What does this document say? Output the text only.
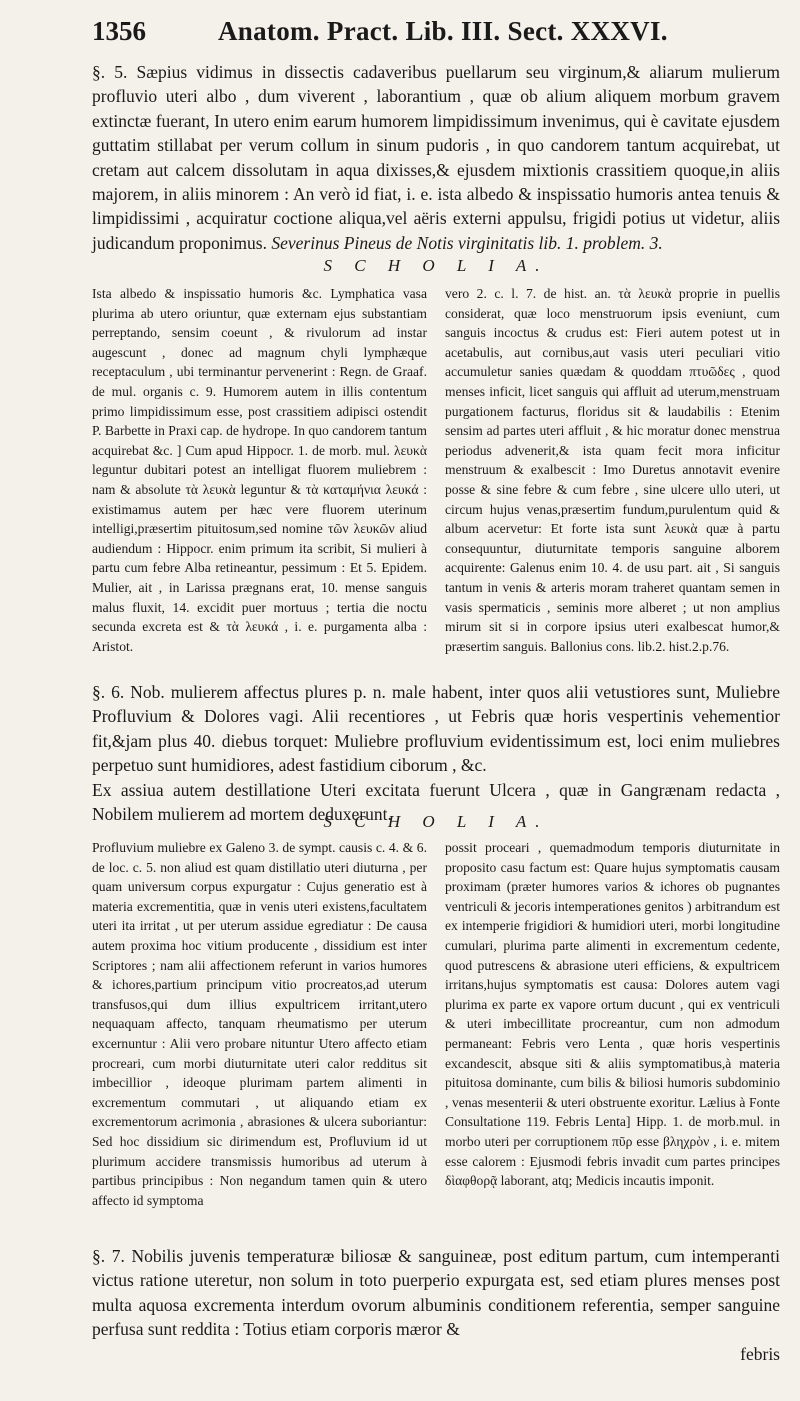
1356	Anatom. Pract. Lib. III. Sect. XXXVI.

§. 5. Sæpius vidimus in dissectis cadaveribus puellarum seu virginum,& aliarum mulierum profluvio uteri albo , dum viverent , laborantium , quæ ob alium aliquem morbum gravem extinctæ fuerant, In utero enim earum humorem limpidissimum invenimus, qui è cavitate ejusdem guttatim stillabat per verum collum in sinum pudoris , in quo candorem tantum acquirebat, ut cretam aut calcem dissolutam in aqua dixisses,& ejusdem mixtionis crassitiem quoque,in aliis majorem, in aliis minorem : An verò id fiat, i. e. ista albedo & inspissatio humoris antea tenuis & limpidissimi , acquiratur coctione aliqua,vel aëris externi appulsu, frigidi potius ut videtur, aliis judicandum proponimus. Severinus Pineus de Notis virginitatis lib. 1. problem. 3.

S C H O L I A.

Ista albedo & inspissatio humoris &c. Lymphatica vasa plurima ab utero oriuntur, quæ externam ejus substantiam perreptando, sensim coeunt , & rivulorum ad instar augescunt , donec ad magnum chyli lymphæque receptaculum , ubi terminantur pervenerint : Regn. de Graaf. de mul. organis c. 9. Humorem autem in illis contentum primo limpidissimum esse, post crassitiem adipisci ostendit P. Barbette in Praxi cap. de hydrope. In quo candorem tantum acquirebat &c. ] Cum apud Hippocr. 1. de morb. mul. λευκὰ leguntur dubitari potest an intelligat fluorem muliebrem : nam & absolute τὰ λευκὰ leguntur & τὰ καταμήνια λευκά : existimamus autem per hæc vere fluorem uterinum intelligi,præsertim pituitosum,sed nomine τῶν λευκῶν aliud audiendum : Hippocr. enim primum ita scribit, Si mulieri à partu cum febre Alba retineantur, pessimum : Et 5. Epidem. Mulier, ait , in Larissa prægnans erat, 10. mense sanguis malus fluxit, 14. excidit puer mortuus ; tertia die noctu secunda excreta est & τὰ λευκά , i. e. purgamenta alba : Aristot.

vero 2. c. l. 7. de hist. an. τὰ λευκὰ proprie in puellis considerat, quæ loco menstruorum ipsis eveniunt, cum sanguis incoctus & crudus est: Fieri autem potest ut in acetabulis, aut cornibus,aut vasis uteri peculiari vitio accumuletur sanies quædam & quoddam πτυῶδες , quod menses inficit, licet sanguis qui affluit ad uterum,menstruam purgationem facturus, floridus sit & laudabilis : Etenim sensim ad partes uteri affluit , & hic moratur donec menstrua periodus advenerit,& ista quam fecit mora inficitur menstruum & exalbescit : Imo Duretus annotavit evenire posse & sine febre & cum febre , sine ulcere ullo uteri, ut circum hujus venas,præsertim fundum,purulentum quid & album acervetur: Et forte ista sunt λευκὰ quæ à partu consequuntur, diuturnitate temporis sanguine alborem acquirente: Galenus enim 10. 4. de usu part. ait , Si sanguis tantum in venis & arteris moram traheret quantam semen in vasis spermaticis , seminis more alberet ; ut non amplius mirum sit si in corpore ipsius uteri exalbescat humor,& præsertim sanguis. Ballonius cons. lib.2. hist.2.p.76.

§. 6. Nob. mulierem affectus plures p. n. male habent, inter quos alii vetustiores sunt, Muliebre Profluvium & Dolores vagi. Alii recentiores , ut Febris quæ horis vespertinis vehementior fit,&jam plus 40. diebus torquet: Muliebre profluvium evidentissimum est, loci enim muliebres perpetuo sunt humidiores, adest fastidium ciborum , &c.

Ex assiua autem destillatione Uteri excitata fuerunt Ulcera , quæ in Gangrænam redacta , Nobilem mulierem ad mortem deduxerunt.

S C H O L I A.

Profluvium muliebre ex Galeno 3. de sympt. causis c. 4. & 6. de loc. c. 5. non aliud est quam distillatio uteri diuturna , per quam universum corpus expurgatur : Cujus generatio est à materia excrementitia, quæ in venis uteri existens,facultatem uteri ita irritat , ut per uterum assidue egrediatur : De causa autem proxima hoc vitium producente , dissidium est inter Scriptores ; nam alii affectionem referunt in varios humores & ichores,partium principum vitio procreatos,ad uterum transfusos,qui dum illius expultricem irritant,utero nequaquam affecto, tanquam rheumatismo per uterum excernuntur : Alii vero probare nituntur Utero affecto etiam procreari, cum morbi diuturnitate uteri calor redditus sit imbecillior , ideoque plurimam partem alimenti in excrementum commutari , ut aliquando etiam ex excrementorum acrimonia , abrasiones & ulcera suboriantur: Sed hoc dissidium sic dirimendum est, Profluvium id ut plurimum accidere transmissis humoribus ad uterum à partibus principibus : Non negandum tamen quin & utero affecto id symptoma

possit proceari , quemadmodum temporis diuturnitate in proposito casu factum est: Quare hujus symptomatis causam proximam (præter humores varios & ichores ob pugnantes ventriculi & jecoris intemperationes genitos ) arbitrandum est ex intemperie frigidiori & humidiori uteri, morbi longitudine cumulari, plurima parte alimenti in excrementum cedente, quod putrescens & abrasione uteri efficiens, & expultricem irritans,hujus symptomatis est causa: Dolores autem vagi plurima ex parte ex vapore ortum ducunt , qui ex ventriculi & uteri imbecillitate procreantur, cum non admodum permaneant: Febris vero Lenta , quæ horis vespertinis excandescit, absque siti & aliis symptomatibus,à materia pituitosa dominante, cum bilis & biliosi humoris subdominio , venas mesenterii & uteri obstruente exoritur. Lælius à Fonte Consultatione 119. Febris Lenta] Hipp. 1. de morb.mul. in morbo uteri per corruptionem πῦρ esse βληχρὸν , i. e. mitem esse calorem : Ejusmodi febris invadit cum partes principes δὶαφθορᾷ laborant, atq; Medicis incautis imponit.

§. 7. Nobilis juvenis temperaturæ biliosæ & sanguineæ, post editum partum, cum intemperanti victus ratione uteretur, non solum in toto puerperio expurgata est, sed etiam plures menses post multa aquosa excrementa interdum ovorum albuminis conditionem referentia, semper sanguine perfusa sunt reddita : Totius etiam corporis mæror &

febris
